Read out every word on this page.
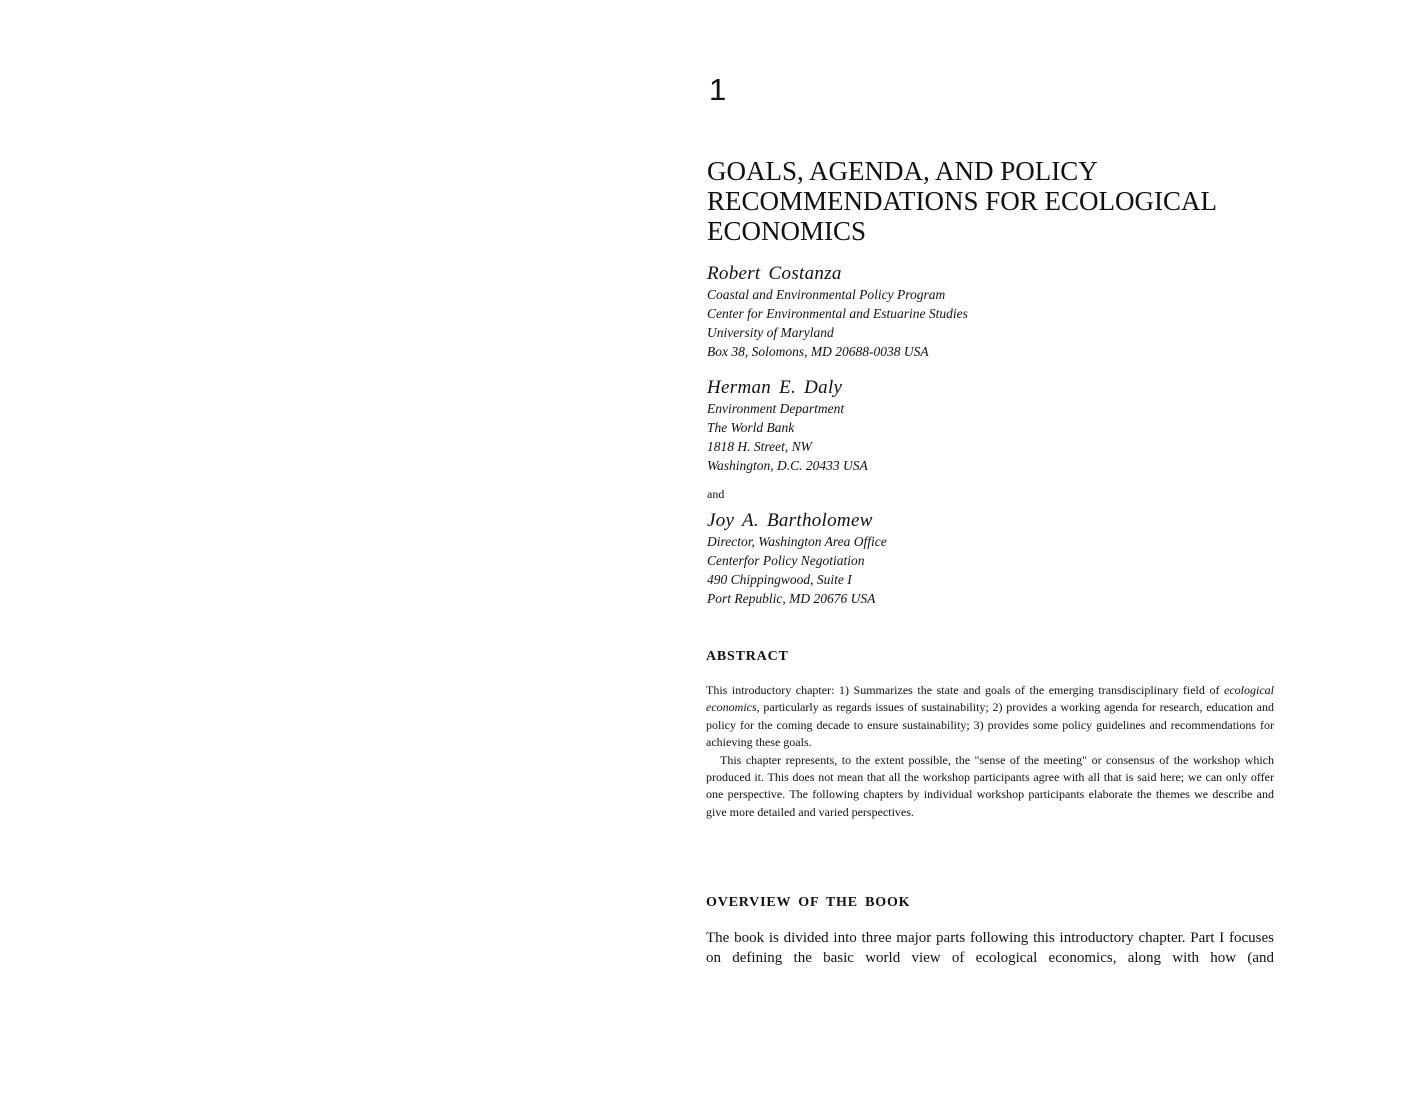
1
GOALS, AGENDA, AND POLICY
RECOMMENDATIONS FOR ECOLOGICAL
ECONOMICS
Robert Costanza
Coastal and Environmental Policy Program
Center for Environmental and Estuarine Studies
University of Maryland
Box 38, Solomons, MD 20688-0038 USA
Herman E. Daly
Environment Department
The World Bank
1818 H. Street, NW
Washington, D.C. 20433 USA
and
Joy A. Bartholomew
Director, Washington Area Office
Centerfor Policy Negotiation
490 Chippingwood, Suite I
Port Republic, MD 20676 USA
ABSTRACT

This introductory chapter: 1) Summarizes the state and goals of the emerging transdisciplinary field of ecological economics, particularly as regards issues of sustainability; 2) provides a working agenda for research, education and policy for the coming decade to ensure sustainability; 3) provides some policy guidelines and recommendations for achieving these goals.

This chapter represents, to the extent possible, the "sense of the meeting" or consensus of the workshop which produced it. This does not mean that all the workshop participants agree with all that is said here; we can only offer one perspective. The following chapters by individual workshop participants elaborate the themes we describe and give more detailed and varied perspectives.

OVERVIEW OF THE BOOK

The book is divided into three major parts following this introductory chapter. Part I focuses on defining the basic world view of ecological economics, along with how (and
